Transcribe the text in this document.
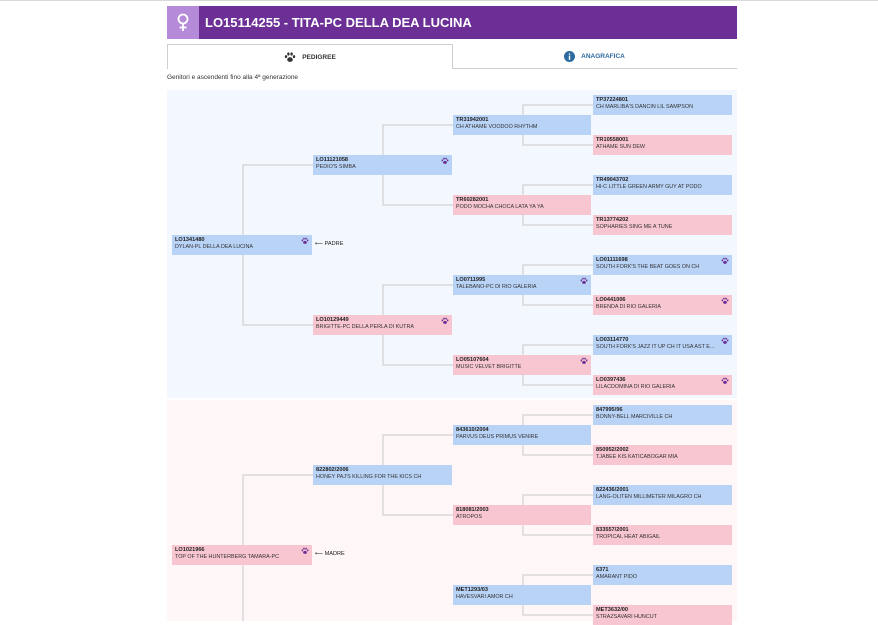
LO15114255 - TITA-PC DELLA DEA LUCINA
PEDIGREE	ANAGRAFICA
Genitori e ascendenti fino alla 4ª generazione
LO1341480
DYLAN-PL DELLA DEA LUCINA
LO1021966
TOP OF THE HUNTERBERG TAMARA-PC
LO11121058
PEDIO'S SIMBA
LO10129449
BRIGITTE-PC DELLA PERLA DI KUTRA
822802/2006
HONEY PAJ'S KILLING FOR THE KICS CH
TR31942001
CH ATHAME VOODOO RHYTHM
TR60282001
PODO MOCHA CHOCA LATA YA YA
LO0711995
TALEBANO-PC DI RIO GALERIA
LO05107604
MUSIC VELVET BRIGITTE
843610/2004
PARVUS DEUS PRIMUS VENIRE
818081/2003
ATROPOS
MET1293/03
HAVESVARI AMOR CH
TP37224801
CH MARLIBA'S DANCIN LIL SAMPSON
TR10558001
ATHAME SUN DEW
TR49043702
HI-C LITTLE GREEN ARMY GUY AT PODO
TR13774202
SOPHARIES SING ME A TUNE
LO01111698
SOUTH FORK'S THE BEAT GOES ON CH
LO0441006
BRENDA DI RIO GALERIA
LO03114770
SOUTH FORK'S JAZZ IT UP CH IT USA AST E...
LO0397436
LILACDOMINA DI RIO GALERIA
847995/96
BONNY-BELL MARCIVILLE CH
850952/2002
TJABEE KIS KATICABOGAR MIA
822436/2001
LANG-OLITEN MILLIMETER MILAGRO CH
833557/2001
TROPICAL HEAT ABIGAIL
6371
AMARANT PIDO
MET3632/00
STRAZSAVARI HUNCUT
⟵ PADRE
⟵ MADRE
